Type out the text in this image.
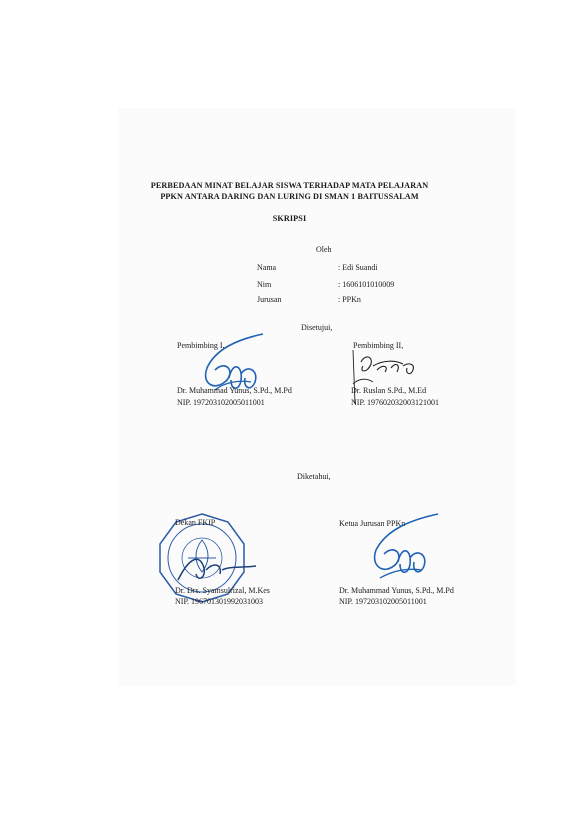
PERBEDAAN MINAT BELAJAR SISWA TERHADAP MATA PELAJARAN
PPKN ANTARA DARING DAN LURING DI SMAN 1 BAITUSSALAM
SKRIPSI
Oleh
Nama	: Edi Suandi
Nim	: 1606101010009
Jurusan	: PPKn
Disetujui,
Pembimbing I,
Dr. Muhammad Yunus, S.Pd., M.Pd
NIP. 197203102005011001
Pembimbing II,
Dr. Ruslan S.Pd., M.Ed
NIP. 197602032003121001
Diketahui,
Dekan FKIP
Dr. Drs. Syamsulrizal, M.Kes
NIP. 196701301992031003
Ketua Jurusan PPKn
Dr. Muhammad Yunus, S.Pd., M.Pd
NIP. 197203102005011001
